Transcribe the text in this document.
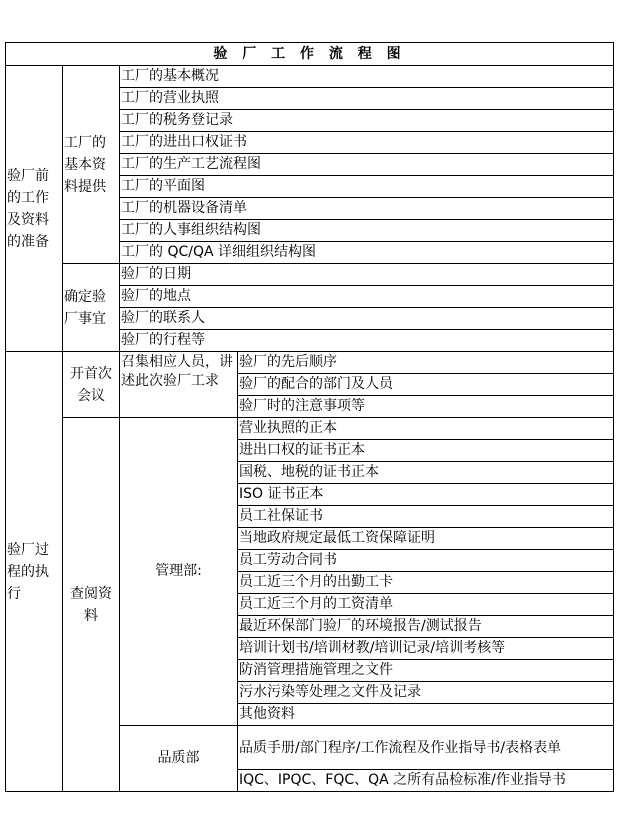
验 厂 工 作 流 程 图			

验厂前的工作及资料的准备	工厂的基本资料提供	工厂的基本概况	
		工厂的营业执照	
		工厂的税务登记录	
		工厂的进出口权证书	
		工厂的生产工艺流程图	
		工厂的平面图	
		工厂的机器设备清单	
		工厂的人事组织结构图	
		工厂的 QC/QA 详细组织结构图	

	确定验厂事宜	验厂的日期	
		验厂的地点	
		验厂的联系人	
		验厂的行程等	

验厂过程的执行	开首次会议	召集相应人员，讲述此次验厂工求	验厂的先后顺序
			验厂的配合的部门及人员
			验厂时的注意事项等

	查阅资料	管理部:	营业执照的正本
			进出口权的证书正本
			国税、地税的证书正本
			ISO 证书正本
			员工社保证书
			当地政府规定最低工资保障证明
			员工劳动合同书
			员工近三个月的出勤工卡
			员工近三个月的工资清单
			最近环保部门验厂的环境报告/测试报告
			培训计划书/培训材教/培训记录/培训考核等
			防消管理措施管理之文件
			污水污染等处理之文件及记录
			其他资料
		品质部	品质手册/部门程序/工作流程及作业指导书/表格表单
			IQC、IPQC、FQC、QA 之所有品检标准/作业指导书
